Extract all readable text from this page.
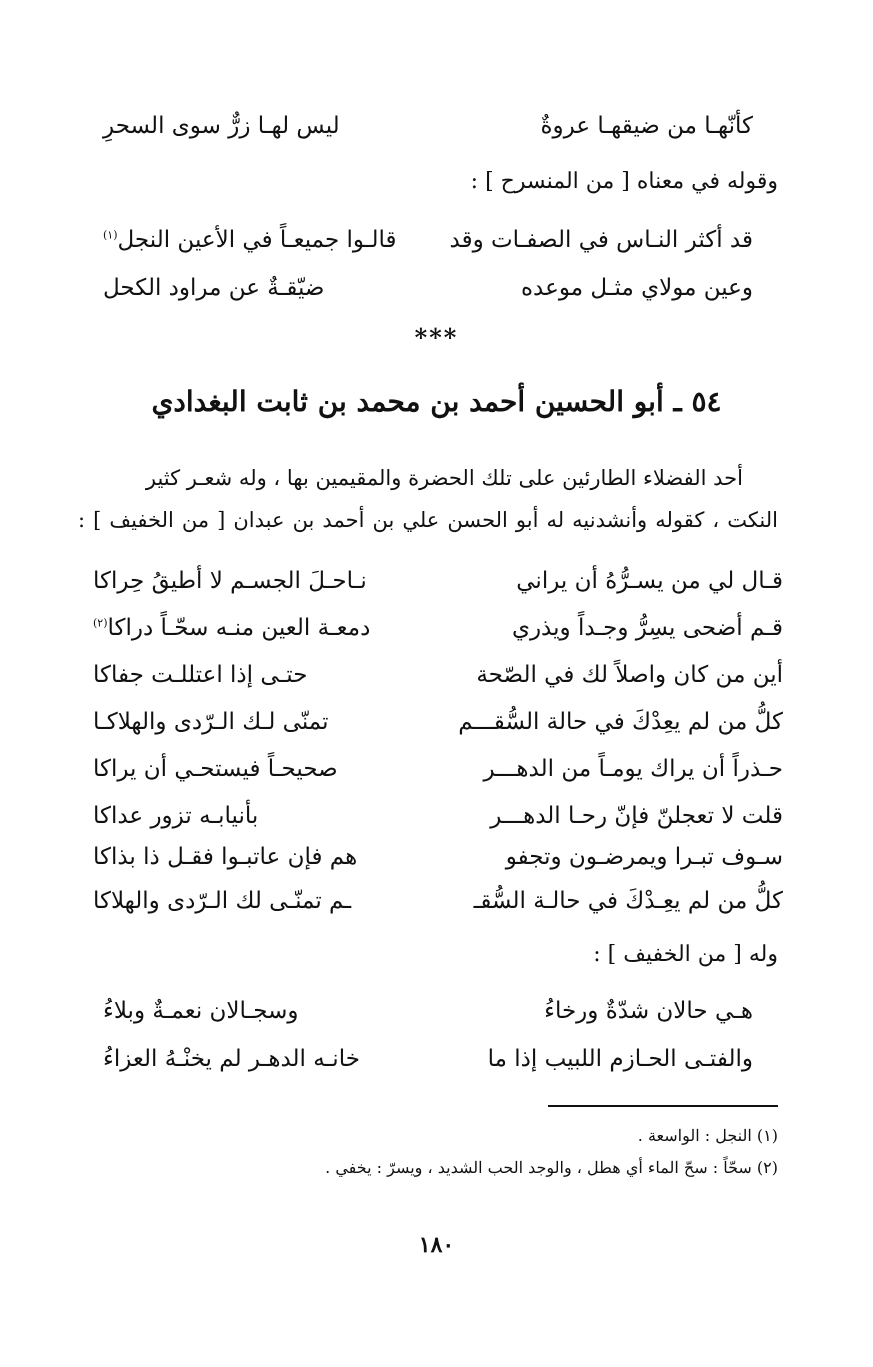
كأنّهـا من ضيقهـا عروةٌ
ليس لهـا زرٌّ سوى السحرِ
وقوله في معناه [ من المنسرح ] :
قد أكثر النـاس في الصفـات وقد
قالـوا جميعـاً في الأعين النجل$^{(١)}$
وعين مولاي مثـل موعده
ضيّقـةٌ عن مراود الكحل
***
٥٤ ـ أبو الحسين أحمد بن محمد بن ثابت البغدادي
أحد الفضلاء الطارئين على تلك الحضرة والمقيمين بها ، وله شعـر كثير
النكت ، كقوله وأنشدنيه له أبو الحسن علي بن أحمد بن عبدان [ من الخفيف ] :
قـال لي من يسـرُّهُ أن يراني
نـاحـلَ الجسـم لا أطيقُ حِراكا
قـم أضحى يسِرُّ وجـداً ويذري
دمعـة العين منـه سحّـاً دراكا$^{(٢)}$
أين من كان واصلاً لك في الصّحة
حتـى إذا اعتللـت جفاكا
كلُّ من لم يعِدْكَ في حالة السُّقـــم
تمنّى لـك الـرّدى والهلاكـا
حـذراً أن يراك يومـاً من الدهـــر
صحيحـاً فيستحـي أن يراكا
قلت لا تعجلنّ فإنّ رحـا الدهـــر
بأنيابـه تزور عداكا
سـوف تبـرا ويمرضـون وتجفو
هم فإن عاتبـوا فقـل ذا بذاكا
كلُّ من لم يعِـدْكَ في حالـة السُّقـ
ـم تمنّـى لك الـرّدى والهلاكا
وله [ من الخفيف ] :
هـي حالان شدّةٌ ورخاءُ
وسجـالان نعمـةٌ وبلاءُ
والفتـى الحـازم اللبيب إذا ما
خانـه الدهـر لم يخنْـهُ العزاءُ
(١) النجل : الواسعة .
(٢) سحّاً : سحّ الماء أي هطل ، والوجد الحب الشديد ، ويسرّ : يخفي .
١٨٠
